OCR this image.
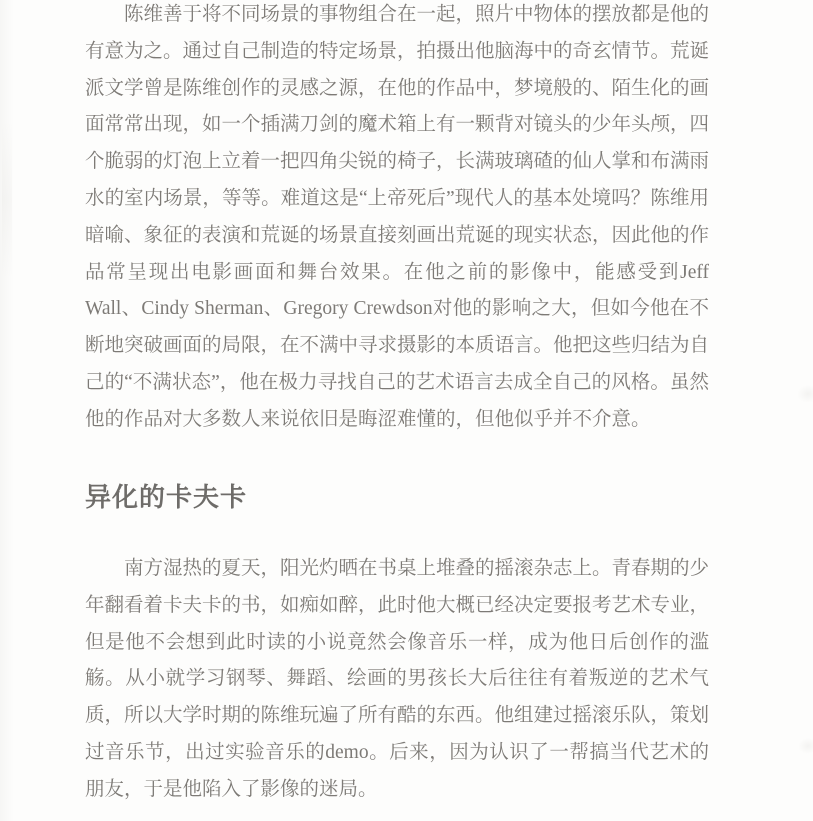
陈维善于将不同场景的事物组合在一起，照片中物体的摆放都是他的有意为之。通过自己制造的特定场景，拍摄出他脑海中的奇玄情节。荒诞派文学曾是陈维创作的灵感之源，在他的作品中，梦境般的、陌生化的画面常常出现，如一个插满刀剑的魔术箱上有一颗背对镜头的少年头颅，四个脆弱的灯泡上立着一把四角尖锐的椅子，长满玻璃碴的仙人掌和布满雨水的室内场景，等等。难道这是“上帝死后”现代人的基本处境吗？陈维用暗喻、象征的表演和荒诞的场景直接刻画出荒诞的现实状态，因此他的作品常呈现出电影画面和舞台效果。在他之前的影像中，能感受到Jeff Wall、Cindy Sherman、Gregory Crewdson对他的影响之大，但如今他在不断地突破画面的局限，在不满中寻求摄影的本质语言。他把这些归结为自己的“不满状态”，他在极力寻找自己的艺术语言去成全自己的风格。虽然他的作品对大多数人来说依旧是晦涩难懂的，但他似乎并不介意。

异化的卡夫卡

南方湿热的夏天，阳光灼晒在书桌上堆叠的摇滚杂志上。青春期的少年翻看着卡夫卡的书，如痴如醉，此时他大概已经决定要报考艺术专业，但是他不会想到此时读的小说竟然会像音乐一样，成为他日后创作的滥觞。从小就学习钢琴、舞蹈、绘画的男孩长大后往往有着叛逆的艺术气质，所以大学时期的陈维玩遍了所有酷的东西。他组建过摇滚乐队，策划过音乐节，出过实验音乐的demo。后来，因为认识了一帮搞当代艺术的朋友，于是他陷入了影像的迷局。
